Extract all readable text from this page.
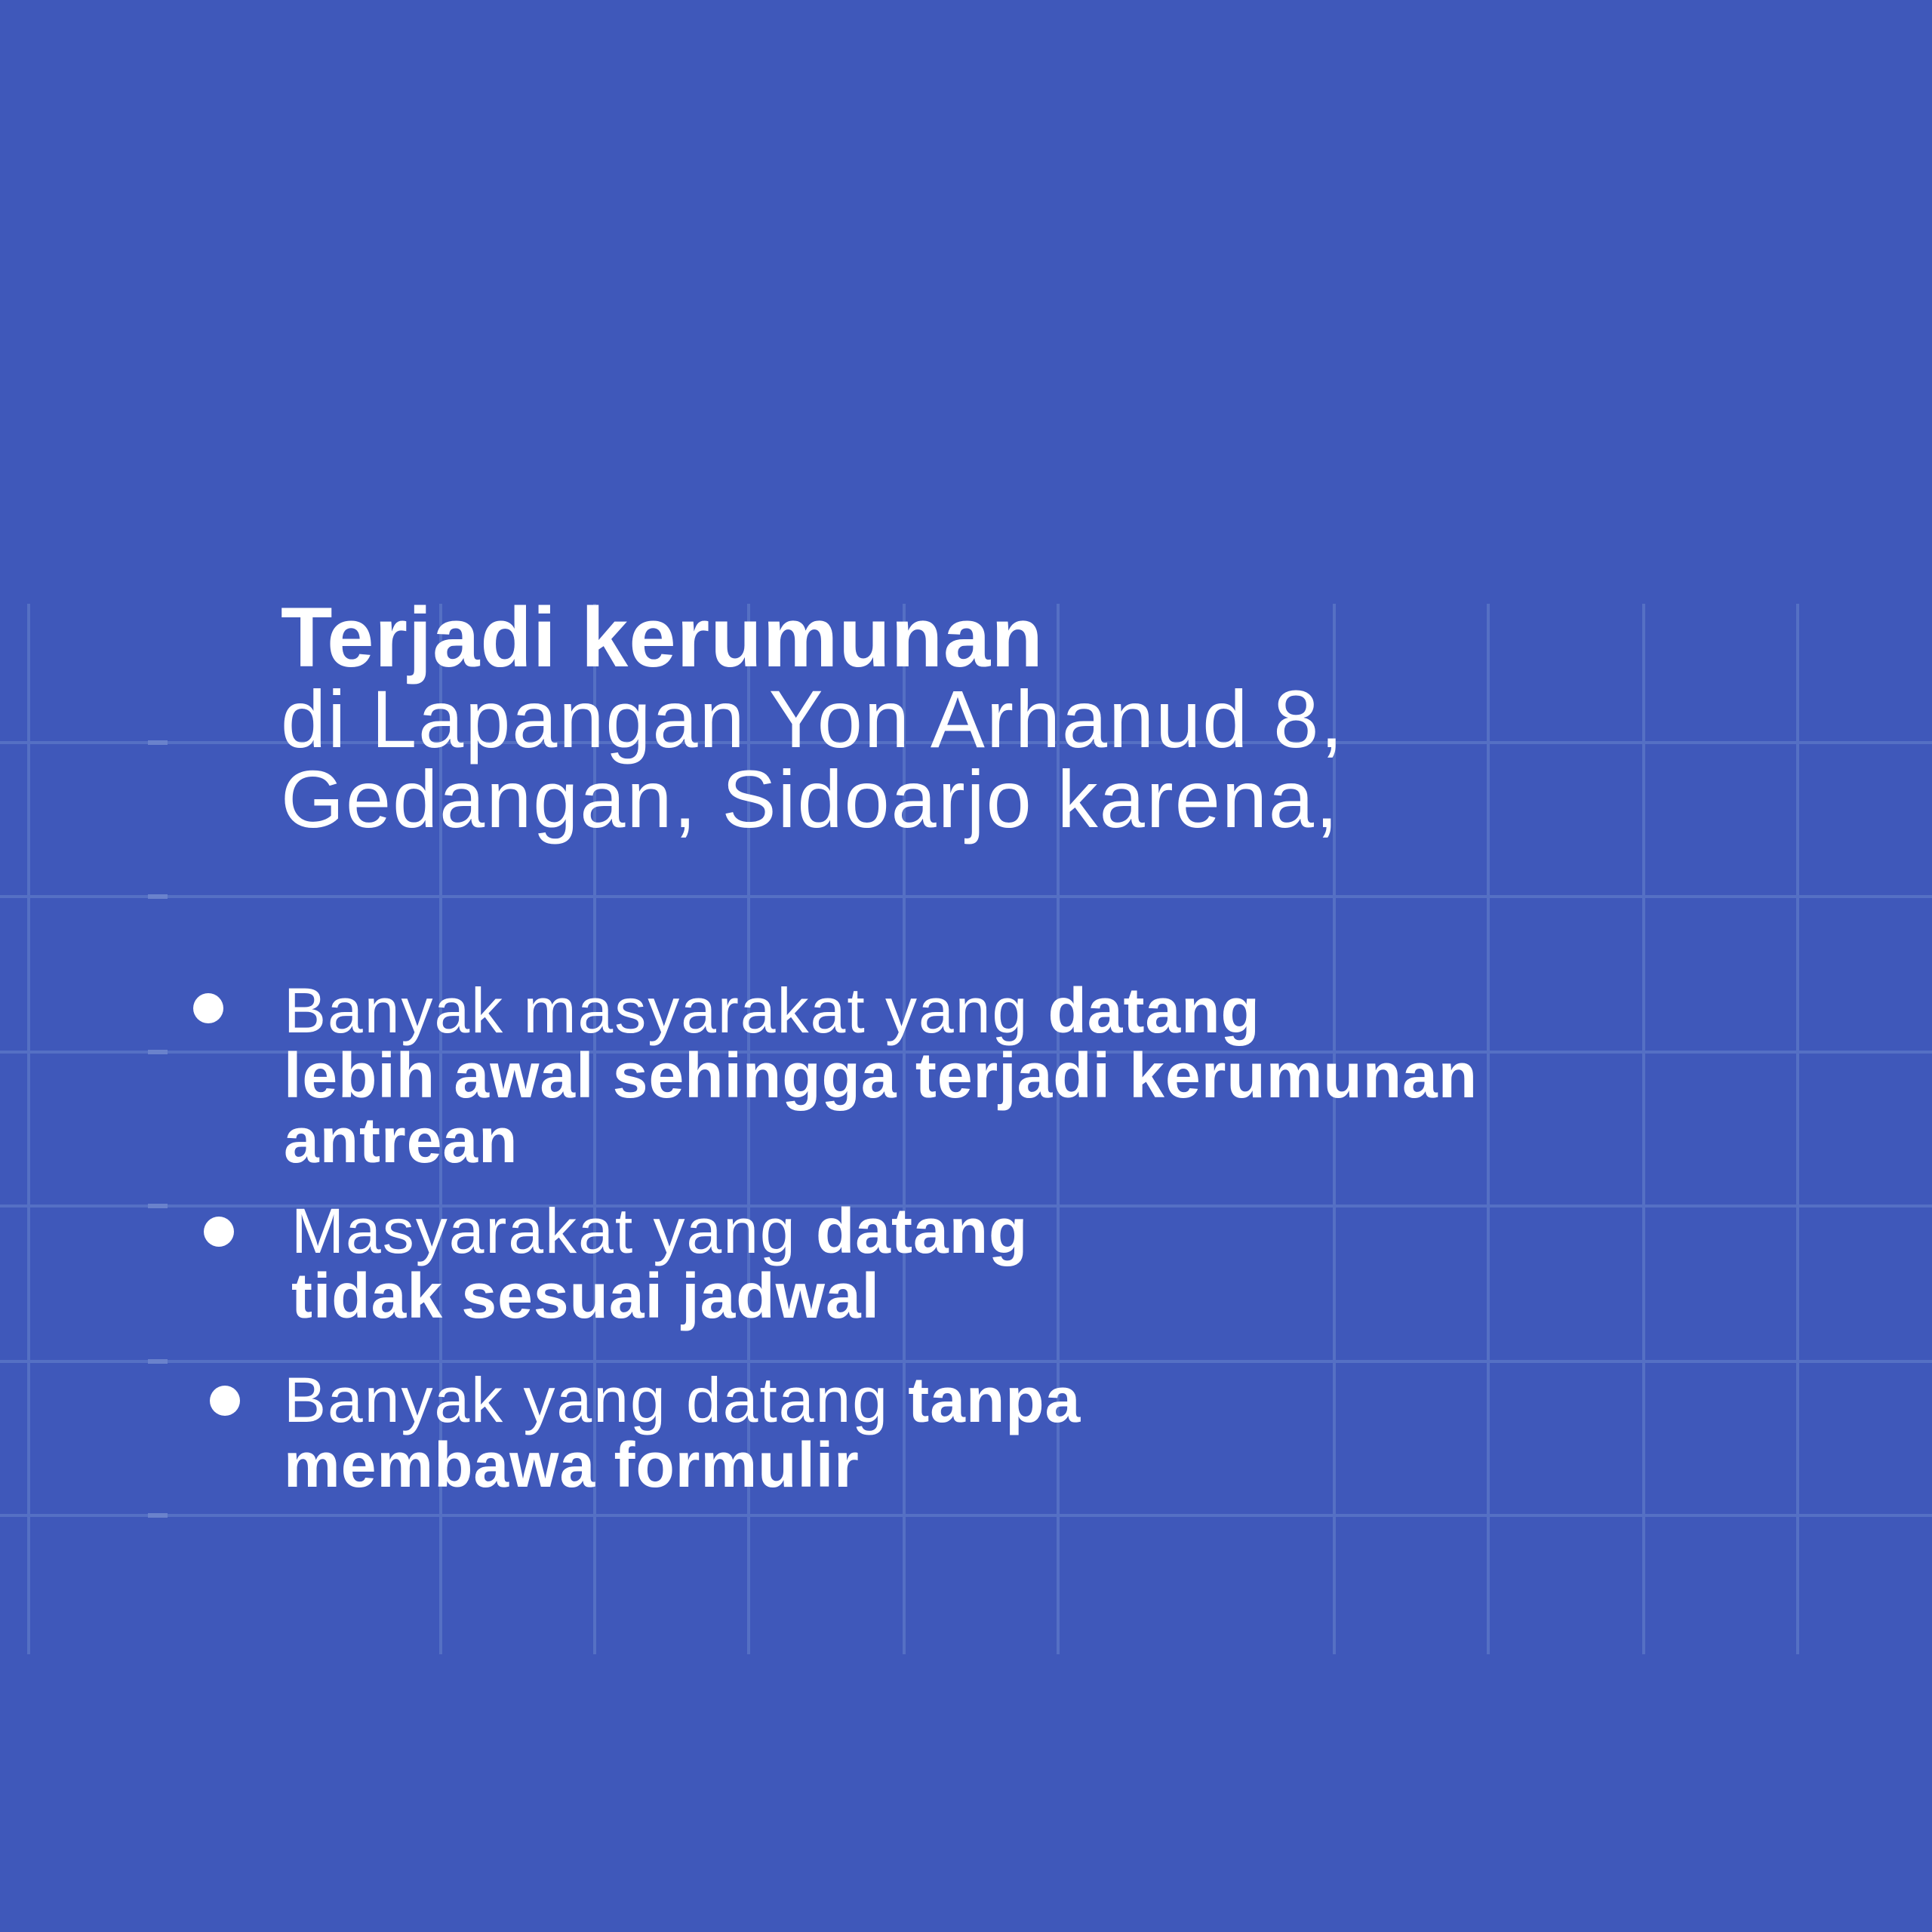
Terjadi kerumunan
di Lapangan Yon Arhanud 8,
Gedangan, Sidoarjo karena,
Banyak masyarakat yang datang
lebih awal sehingga terjadi kerumunan
antrean
Masyarakat yang datang
tidak sesuai jadwal
Banyak yang datang tanpa
membawa formulir
